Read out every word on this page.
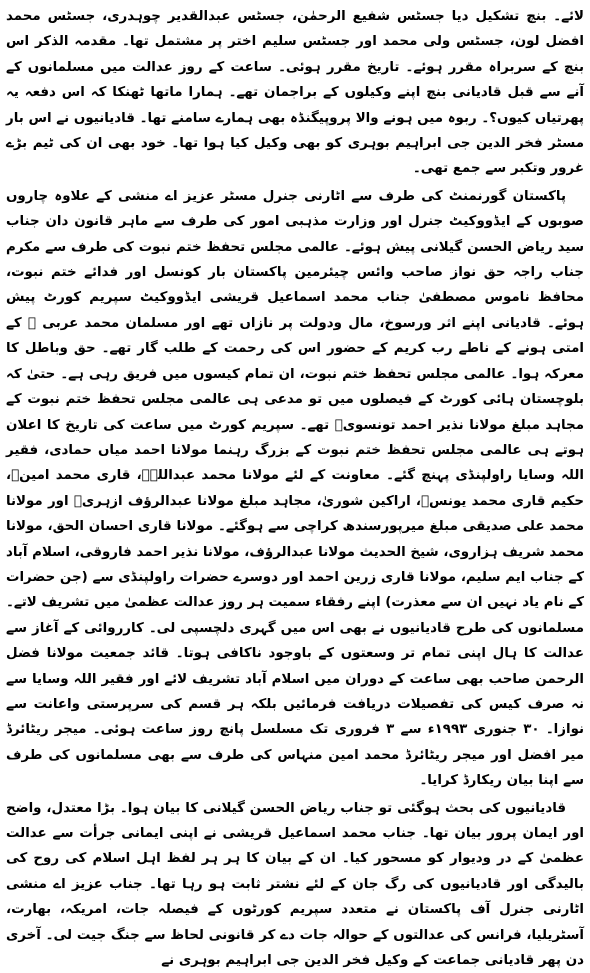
لائے۔ بنچ تشکیل دیا جسٹس شفیع الرحمٰن، جسٹس عبدالقدیر چوہدری، جسٹس محمد افضل لون، جسٹس ولی محمد اور جسٹس سلیم اختر پر مشتمل تھا۔ مقدمہ الذکر اس بنچ کے سربراہ مقرر ہوئے۔ تاریخ مقرر ہوئی۔ ساعت کے روز عدالت میں مسلمانوں کے آنے سے قبل قادیانی بنچ اپنے وکیلوں کے براجمان تھے۔ ہمارا ماتھا ٹھنکا کہ اس دفعہ یہ پھرتیاں کیوں؟۔ ربوہ میں ہونے والا پروپیگنڈہ بھی ہمارے سامنے تھا۔ قادیانیوں نے اس بار مسٹر فخر الدین جی ابراہیم بوہری کو بھی وکیل کیا ہوا تھا۔ خود بھی ان کی ٹیم بڑے غرور وتکبر سے جمع تھی۔

پاکستان گورنمنٹ کی طرف سے اٹارنی جنرل مسٹر عزیز اے منشی کے علاوہ چاروں صوبوں کے ایڈووکیٹ جنرل اور وزارت مذہبی امور کی طرف سے ماہر قانون دان جناب سید ریاض الحسن گیلانی پیش ہوئے۔ عالمی مجلس تحفظ ختم نبوت کی طرف سے مکرم جناب راجہ حق نواز صاحب وائس چیئرمین پاکستان بار کونسل اور فدائے ختم نبوت، محافظ ناموس مصطفیٰ جناب محمد اسماعیل قریشی ایڈووکیٹ سپریم کورٹ پیش ہوئے۔ قادیانی اپنے اثر ورسوخ، مال ودولت پر نازاں تھے اور مسلمان محمد عربی ﷺ کے امتی ہونے کے ناطے رب کریم کے حضور اس کی رحمت کے طلب گار تھے۔ حق وباطل کا معرکہ ہوا۔ عالمی مجلس تحفظ ختم نبوت، ان تمام کیسوں میں فریق رہی ہے۔ حتیٰ کہ بلوچستان ہائی کورٹ کے فیصلوں میں تو مدعی ہی عالمی مجلس تحفظ ختم نبوت کے مجاہد مبلغ مولانا نذیر احمد تونسویؒ تھے۔ سپریم کورٹ میں ساعت کی تاریخ کا اعلان ہوتے ہی عالمی مجلس تحفظ ختم نبوت کے بزرگ رہنما مولانا احمد میاں حمادی، فقیر اللہ وسایا راولپنڈی پہنچ گئے۔ معاونت کے لئے مولانا محمد عبداللہؒ، قاری محمد امینؒ، حکیم قاری محمد یونسؒ، اراکین شوریٰ، مجاہد مبلغ مولانا عبدالرؤف ازہریؒ اور مولانا محمد علی صدیقی مبلغ میرپورسندھ کراچی سے ہوگئے۔ مولانا قاری احسان الحق، مولانا محمد شریف ہزاروی، شیخ الحدیث مولانا عبدالرؤف، مولانا نذیر احمد فاروقی، اسلام آباد کے جناب ایم سلیم، مولانا قاری زرین احمد اور دوسرے حضرات راولپنڈی سے (جن حضرات کے نام یاد نہیں ان سے معذرت) اپنے رفقاء سمیت ہر روز عدالت عظمیٰ میں تشریف لاتے۔ مسلمانوں کی طرح قادیانیوں نے بھی اس میں گہری دلچسپی لی۔ کارروائی کے آغاز سے عدالت کا ہال اپنی تمام تر وسعتوں کے باوجود ناکافی ہوتا۔ قائد جمعیت مولانا فضل الرحمن صاحب بھی ساعت کے دوران میں اسلام آباد تشریف لائے اور فقیر اللہ وسایا سے نہ صرف کیس کی تفصیلات دریافت فرمائیں بلکہ ہر قسم کی سرپرستی واعانت سے نوازا۔ ۳۰ جنوری ۱۹۹۳ء سے ۳ فروری تک مسلسل پانچ روز ساعت ہوئی۔ میجر ریٹائرڈ میر افضل اور میجر ریٹائرڈ محمد امین منہاس کی طرف سے بھی مسلمانوں کی طرف سے اپنا بیان ریکارڈ کرایا۔

قادیانیوں کی بحث ہوگئی تو جناب ریاض الحسن گیلانی کا بیان ہوا۔ بڑا معتدل، واضح اور ایمان پرور بیان تھا۔ جناب محمد اسماعیل قریشی نے اپنی ایمانی جرأت سے عدالت عظمیٰ کے در ودیوار کو مسحور کیا۔ ان کے بیان کا ہر ہر لفظ اہل اسلام کی روح کی بالیدگی اور قادیانیوں کی رگ جان کے لئے نشتر ثابت ہو رہا تھا۔ جناب عزیز اے منشی اٹارنی جنرل آف پاکستان نے متعدد سپریم کورٹوں کے فیصلہ جات، امریکہ، بھارت، آسٹریلیا، فرانس کی عدالتوں کے حوالہ جات دے کر قانونی لحاظ سے جنگ جیت لی۔ آخری دن پھر قادیانی جماعت کے وکیل فخر الدین جی ابراہیم بوہری نے
